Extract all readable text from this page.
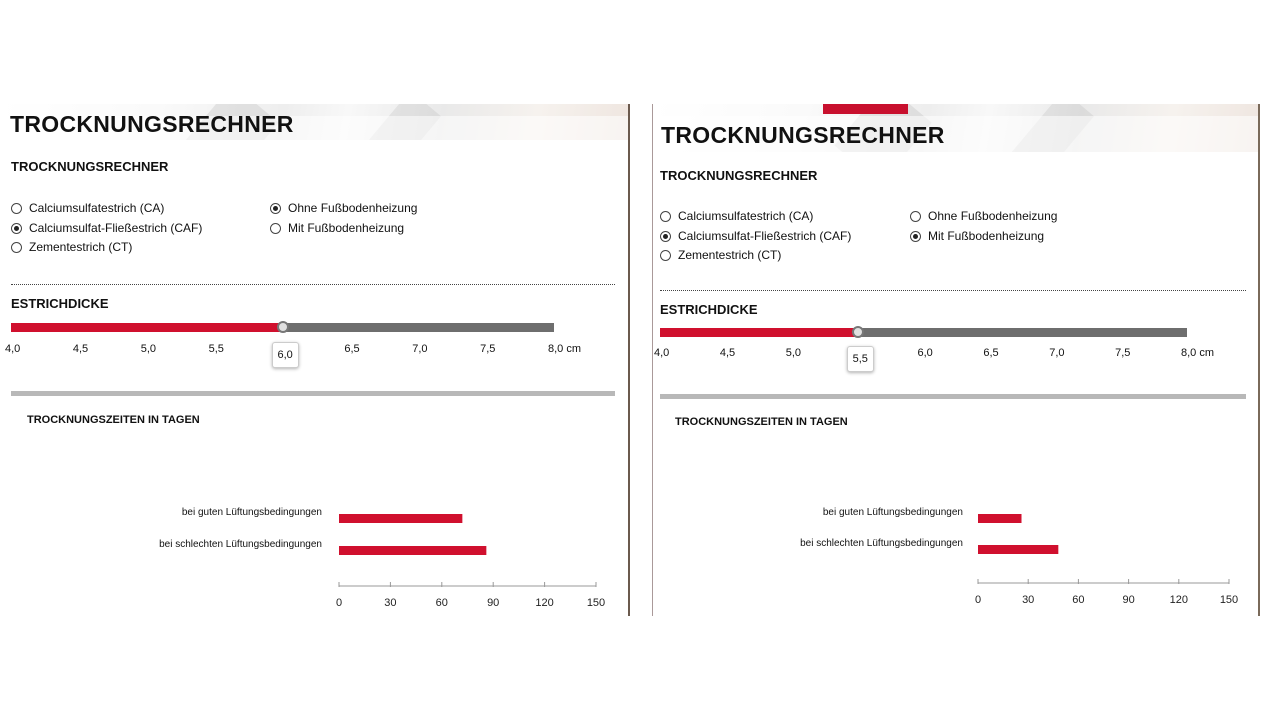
TROCKNUNGSRECHNER
TROCKNUNGSRECHNER
Calciumsulfatestrich (CA)
Calciumsulfat-Fließestrich (CAF)
Zementestrich (CT)
Ohne Fußbodenheizung
Mit Fußbodenheizung
ESTRICHDICKE
4,0	4,5	5,0	5,5	6,5	7,0	7,5	8,0 cm
6,0
TROCKNUNGSZEITEN IN TAGEN
bei guten Lüftungsbedingungen
bei schlechten Lüftungsbedingungen
0	30	60	90	120	150
TROCKNUNGSRECHNER
TROCKNUNGSRECHNER
Calciumsulfatestrich (CA)
Calciumsulfat-Fließestrich (CAF)
Zementestrich (CT)
Ohne Fußbodenheizung
Mit Fußbodenheizung
ESTRICHDICKE
4,0	4,5	5,0	6,0	6,5	7,0	7,5	8,0 cm
5,5
TROCKNUNGSZEITEN IN TAGEN
bei guten Lüftungsbedingungen
bei schlechten Lüftungsbedingungen
0	30	60	90	120	150
